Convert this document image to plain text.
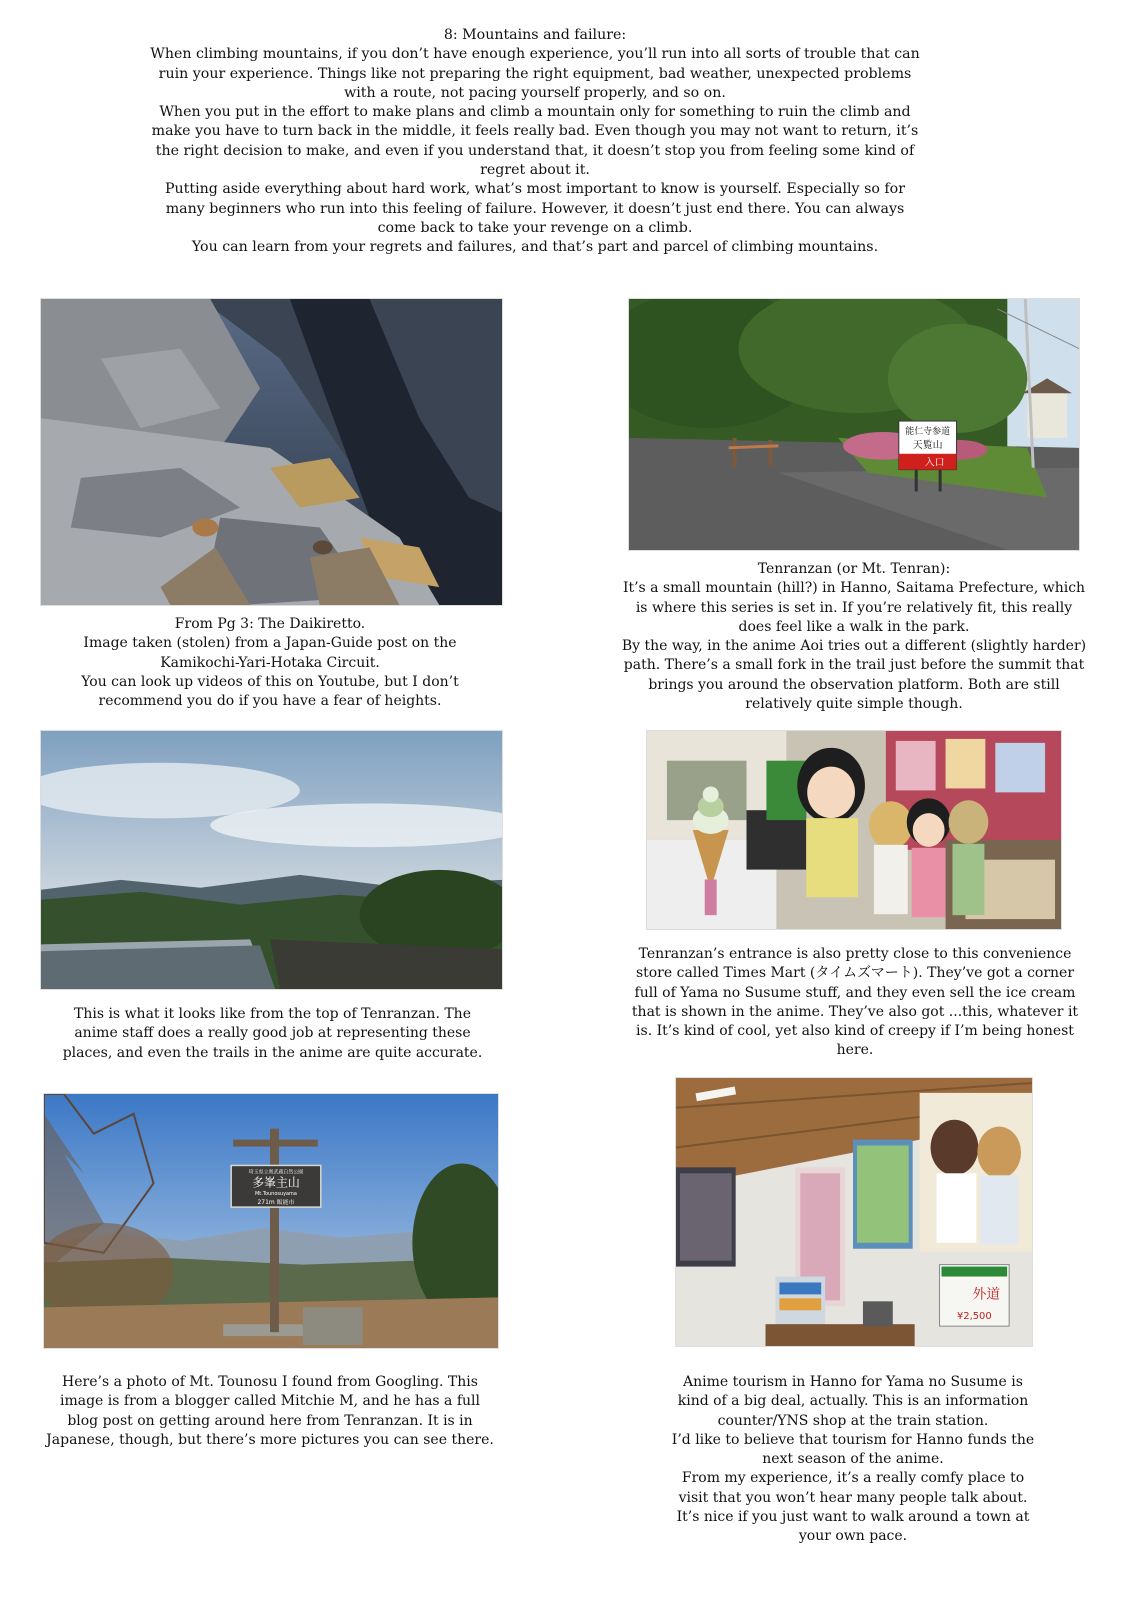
8: Mountains and failure:

When climbing mountains, if you don’t have enough experience, you’ll run into all sorts of trouble that can ruin your experience. Things like not preparing the right equipment, bad weather, unexpected problems with a route, not pacing yourself properly, and so on.

When you put in the effort to make plans and climb a mountain only for something to ruin the climb and make you have to turn back in the middle, it feels really bad. Even though you may not want to return, it’s the right decision to make, and even if you understand that, it doesn’t stop you from feeling some kind of regret about it.

Putting aside everything about hard work, what’s most important to know is yourself. Especially so for many beginners who run into this feeling of failure. However, it doesn’t just end there. You can always come back to take your revenge on a climb.

You can learn from your regrets and failures, and that’s part and parcel of climbing mountains.

From Pg 3: The Daikiretto.

Image taken (stolen) from a Japan-Guide post on the Kamikochi-Yari-Hotaka Circuit.

You can look up videos of this on Youtube, but I don’t recommend you do if you have a fear of heights.

能仁寺参道
天覧山
入口

Tenranzan (or Mt. Tenran):

It’s a small mountain (hill?) in Hanno, Saitama Prefecture, which is where this series is set in. If you’re relatively fit, this really does feel like a walk in the park.

By the way, in the anime Aoi tries out a different (slightly harder) path. There’s a small fork in the trail just before the summit that brings you around the observation platform. Both are still relatively quite simple though.

This is what it looks like from the top of Tenranzan. The anime staff does a really good job at representing these places, and even the trails in the anime are quite accurate.

Tenranzan’s entrance is also pretty close to this convenience store called Times Mart (タイムズマート). They’ve got a corner full of Yama no Susume stuff, and they even sell the ice cream that is shown in the anime. They’ve also got ...this, whatever it is. It’s kind of cool, yet also kind of creepy if I’m being honest here.

埼玉県立奥武蔵自然公園
多峯主山
Mt.Tounosuyama
271m 飯能市

Here’s a photo of Mt. Tounosu I found from Googling. This image is from a blogger called Mitchie M, and he has a full blog post on getting around here from Tenranzan. It is in Japanese, though, but there’s more pictures you can see there.

外道
¥2,500

Anime tourism in Hanno for Yama no Susume is kind of a big deal, actually. This is an information counter/YNS shop at the train station.

I’d like to believe that tourism for Hanno funds the next season of the anime.

From my experience, it’s a really comfy place to visit that you won’t hear many people talk about. It’s nice if you just want to walk around a town at your own pace.
